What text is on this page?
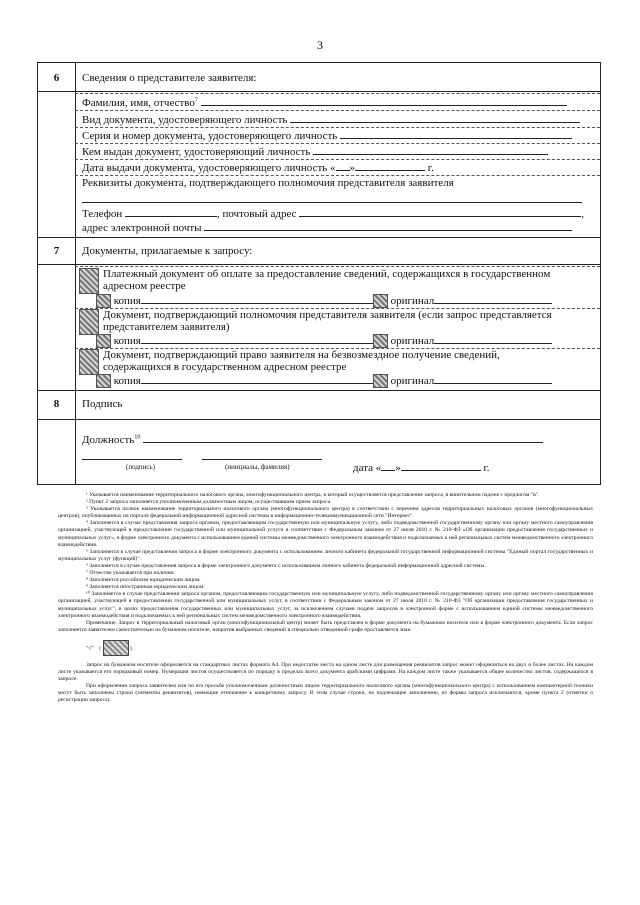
3
6	Сведения о представителе заявителя:
Фамилия, имя, отчество$^7$
Вид документа, удостоверяющего личность
Серия и номер документа, удостоверяющего личность
Кем выдан документ, удостоверяющий личность
Дата выдачи документа, удостоверяющего личность « »	г.
Реквизиты документа, подтверждающего полномочия представителя заявителя
Телефон	, почтовый адрес	,
адрес электронной почты
7	Документы, прилагаемые к запросу:
Платежный документ об оплате за предоставление сведений, содержащихся в государственном адресном реестре
копия	оригинал
Документ, подтверждающий полномочия представителя заявителя (если запрос представляется представителем заявителя)
копия	оригинал
Документ, подтверждающий право заявителя на безвозмездное получение сведений, содержащихся в государственном адресном реестре
копия	оригинал
8	Подпись
Должность$^{10}$
(подпись)	(инициалы, фамилия)	дата « »	г.

¹ Указывается наименование территориального налогового органа, многофункционального центра, в который осуществляется представление запроса, в винительном падеже с предлогом "в".

² Пункт 2 запроса заполняется уполномоченным должностным лицом, осуществившим прием запроса

³ Указывается полное наименование территориального налогового органа (многофункционального центра) в соответствии с перечнем адресов территориальных налоговых органов (многофункциональных центров), опубликованных на портале федеральной информационной адресной системы в информационно-телекоммуникационной сети "Интернет".

⁴ Заполняется в случае представления запроса органом, предоставляющим государственную или муниципальную услугу, либо подведомственной государственному органу или органу местного самоуправления организацией, участвующей в предоставлении государственной или муниципальной услуги в соответствии с Федеральным законом от 27 июля 2010 г. № 210-ФЗ «Об организации предоставления государственных и муниципальных услуг», в форме электронного документа с использованием единой системы межведомственного электронного взаимодействия и подключаемых к ней региональных систем межведомственного электронного взаимодействия.

⁵ Заполняется в случае представления запроса в форме электронного документа с использованием личного кабинета федеральной государственной информационной системы "Единый портал государственных и муниципальных услуг (функций)".

⁶ Заполняется в случае представления запроса в форме электронного документа с использованием личного кабинета федеральной информационной адресной системы.

⁷ Отчество указывается при наличии.

⁸ Заполняется российским юридическим лицом.

⁹ Заполняется иностранным юридическим лицом.

¹⁰ Заполняется в случае представления запроса органом, предоставляющим государственную или муниципальную услугу, либо подведомственной государственному органу или органу местного самоуправления организацией, участвующей в предоставлении государственной или муниципальных услуг, в соответствии с Федеральным законом от 27 июля 2010 г. № 210-ФЗ "Об организации предоставления государственных и муниципальных услуг", в целях предоставления государственных или муниципальных услуг, за исключением случаев подачи запросов в электронной форме с использованием единой системы межведомственного электронного взаимодействия и подключаемых к ней региональных систем межведомственного электронного взаимодействия.

Примечание. Запрос в территориальный налоговый орган (многофункциональный центр) может быть представлен в форме документа на бумажном носителе или в форме электронного документа. Если запрос заполняется заявителем самостоятельно на бумажном носителе, напротив выбранных сведений в специально отведенной графе проставляется знак:

"√" (	).

Запрос на бумажном носителе оформляется на стандартных листах формата А4. При недостатке места на одном листе для размещения реквизитов запрос может оформляться на двух и более листах. На каждом листе указывается его порядковый номер. Нумерация листов осуществляется по порядку в пределах всего документа арабскими цифрами. На каждом листе также указывается общее количество листов, содержащихся в запросе.

При оформлении запроса заявителем или по его просьбе уполномоченным должностным лицом территориального налогового органа (многофункционального центра) с использованием компьютерной техники могут быть заполнены строки (элементы реквизитов), имеющие отношение к конкретному запросу. В этом случае строки, не подлежащие заполнению, из формы запроса исключаются, кроме пункта 2 (отметки о регистрации запроса).
